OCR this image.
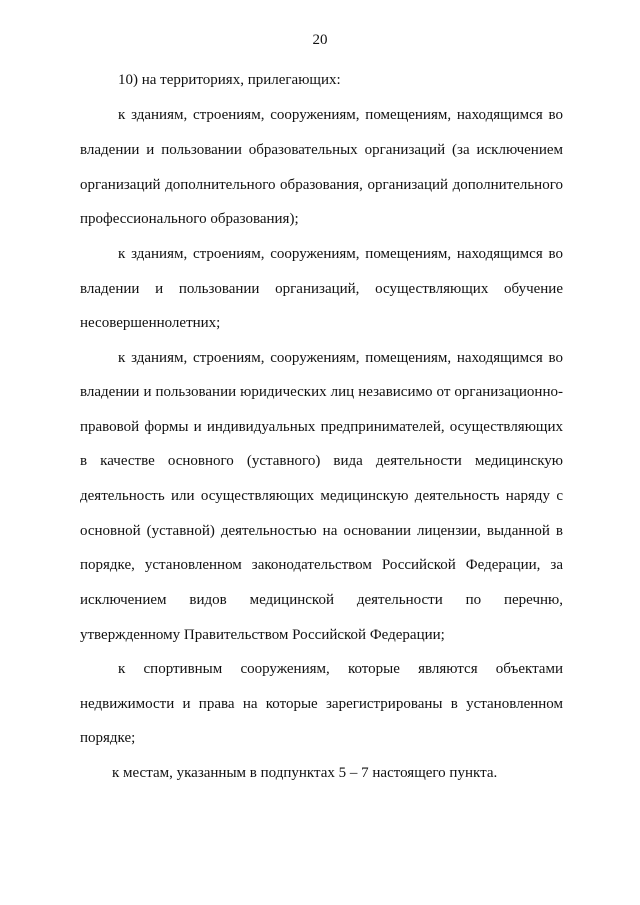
20
10) на территориях, прилегающих:
к зданиям, строениям, сооружениям, помещениям, находящимся во
владении и пользовании образовательных организаций (за исключением
организаций дополнительного образования, организаций дополнительного
профессионального образования);
к зданиям, строениям, сооружениям, помещениям, находящимся во
владении и пользовании организаций, осуществляющих обучение
несовершеннолетних;
к зданиям, строениям, сооружениям, помещениям, находящимся во
владении и пользовании юридических лиц независимо от организационно-
правовой формы и индивидуальных предпринимателей, осуществляющих
в качестве основного (уставного) вида деятельности медицинскую
деятельность или осуществляющих медицинскую деятельность наряду с
основной (уставной) деятельностью на основании лицензии, выданной в
порядке, установленном законодательством Российской Федерации, за
исключением видов медицинской деятельности по перечню,
утвержденному Правительством Российской Федерации;
к спортивным сооружениям, которые являются объектами
недвижимости и права на которые зарегистрированы в установленном
порядке;
к местам, указанным в подпунктах 5 – 7 настоящего пункта.
